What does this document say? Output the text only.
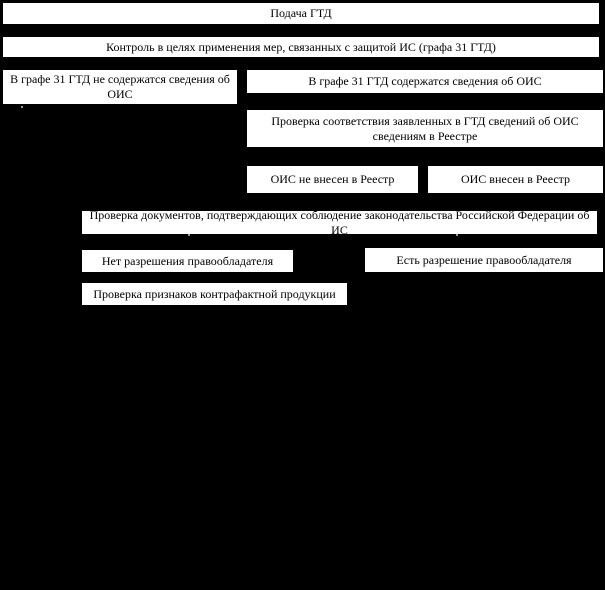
Подача ГТД
Контроль в целях применения мер, связанных с защитой ИС (графа 31 ГТД)
В графе 31 ГТД не содержатся сведения об ОИС
В графе 31 ГТД содержатся сведения об ОИС
Проверка соответствия заявленных в ГТД сведений об ОИС сведениям в Реестре
ОИС не внесен в Реестр	ОИС внесен в Реестр
Проверка документов, подтверждающих соблюдение законодательства Российской Федерации об ИС
Нет разрешения правообладателя	Есть разрешение правообладателя
Проверка признаков контрафактной продукции
